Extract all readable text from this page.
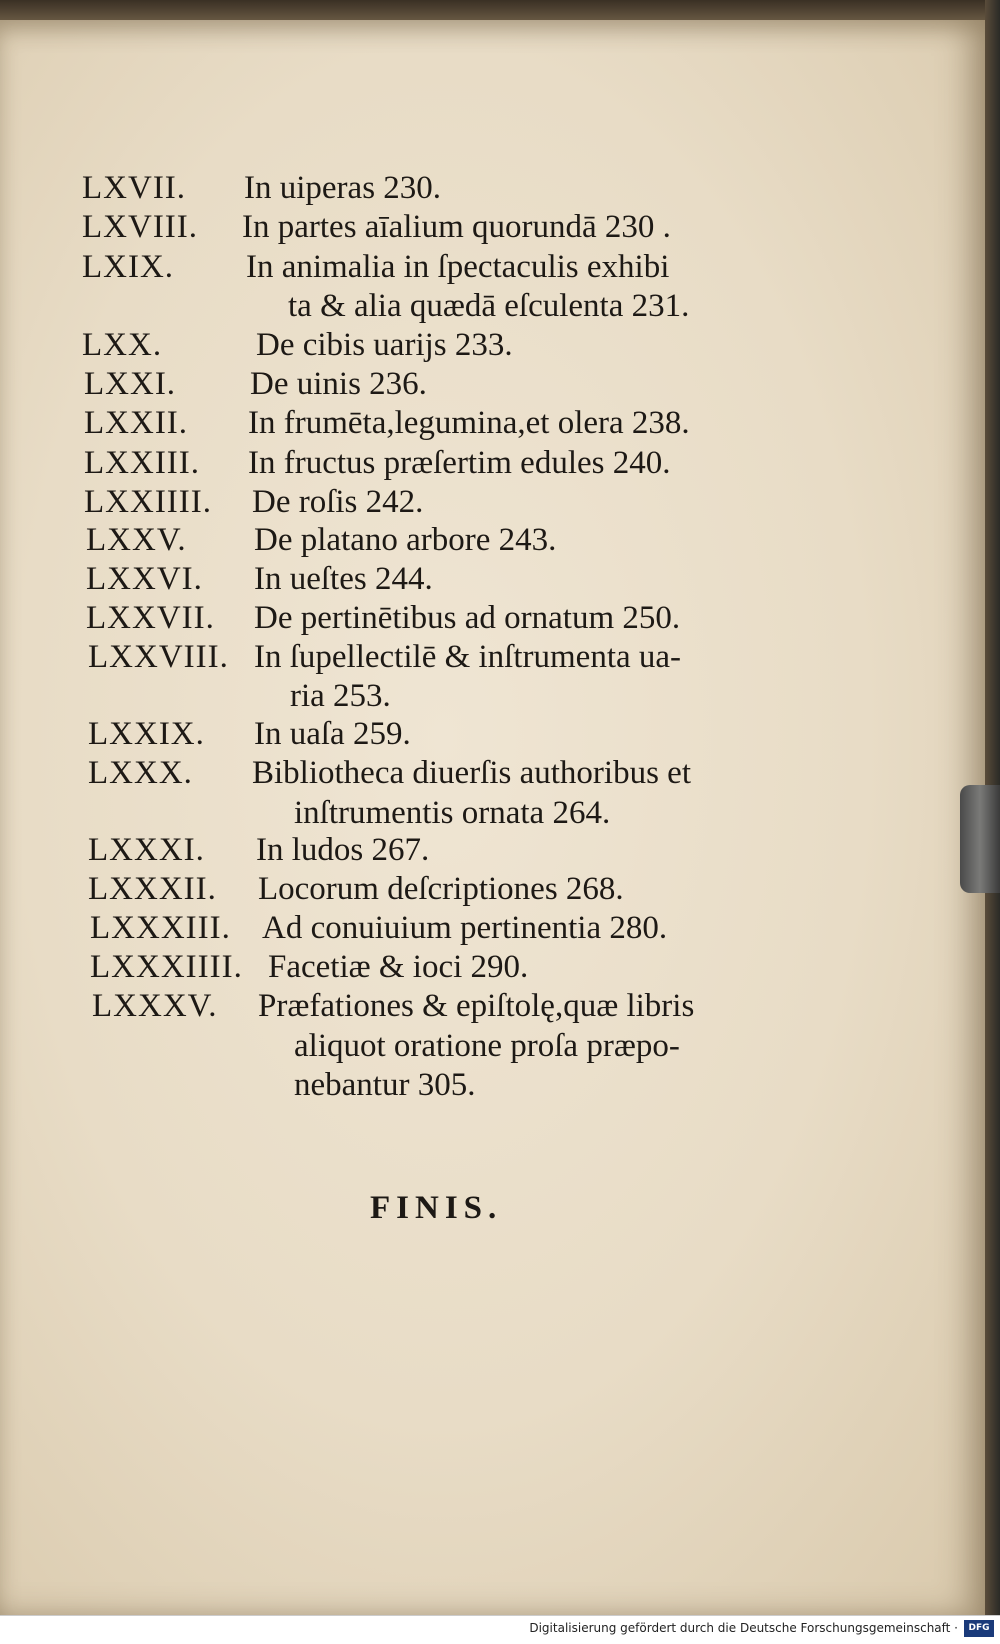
LXVII. In uiperas 230.
LXVIII. In partes aīalium quorundā 230 .
LXIX. In animalia in ſpectaculis exhibi
ta & alia quædā eſculenta 231.
LXX.	De cibis uarijs 233.
LXXI. De uinis 236.
LXXII. In frumēta,legumina,et olera 238.
LXXIII. In fructus præſertim edules 240.
LXXIIII. De roſis 242.
LXXV. De platano arbore 243.
LXXVI. In ueſtes 244.
LXXVII. De pertinētibus ad ornatum 250.
LXXVIII. In ſupellectilē & inſtrumenta ua-
ria 253.
LXXIX. In uaſa 259.
LXXX. Bibliotheca diuerſis authoribus et
inſtrumentis ornata 264.
LXXXI. In ludos 267.
LXXXII. Locorum deſcriptiones 268.
LXXXIII. Ad conuiuium pertinentia 280.
LXXXIIII. Facetiæ & ioci 290.
LXXXV. Præfationes & epiſtolę,quæ libris
aliquot oratione proſa præpo-
nebantur 305.
FINIS.
Digitalisierung gefördert durch die Deutsche Forschungsgemeinschaft ·	DFG
